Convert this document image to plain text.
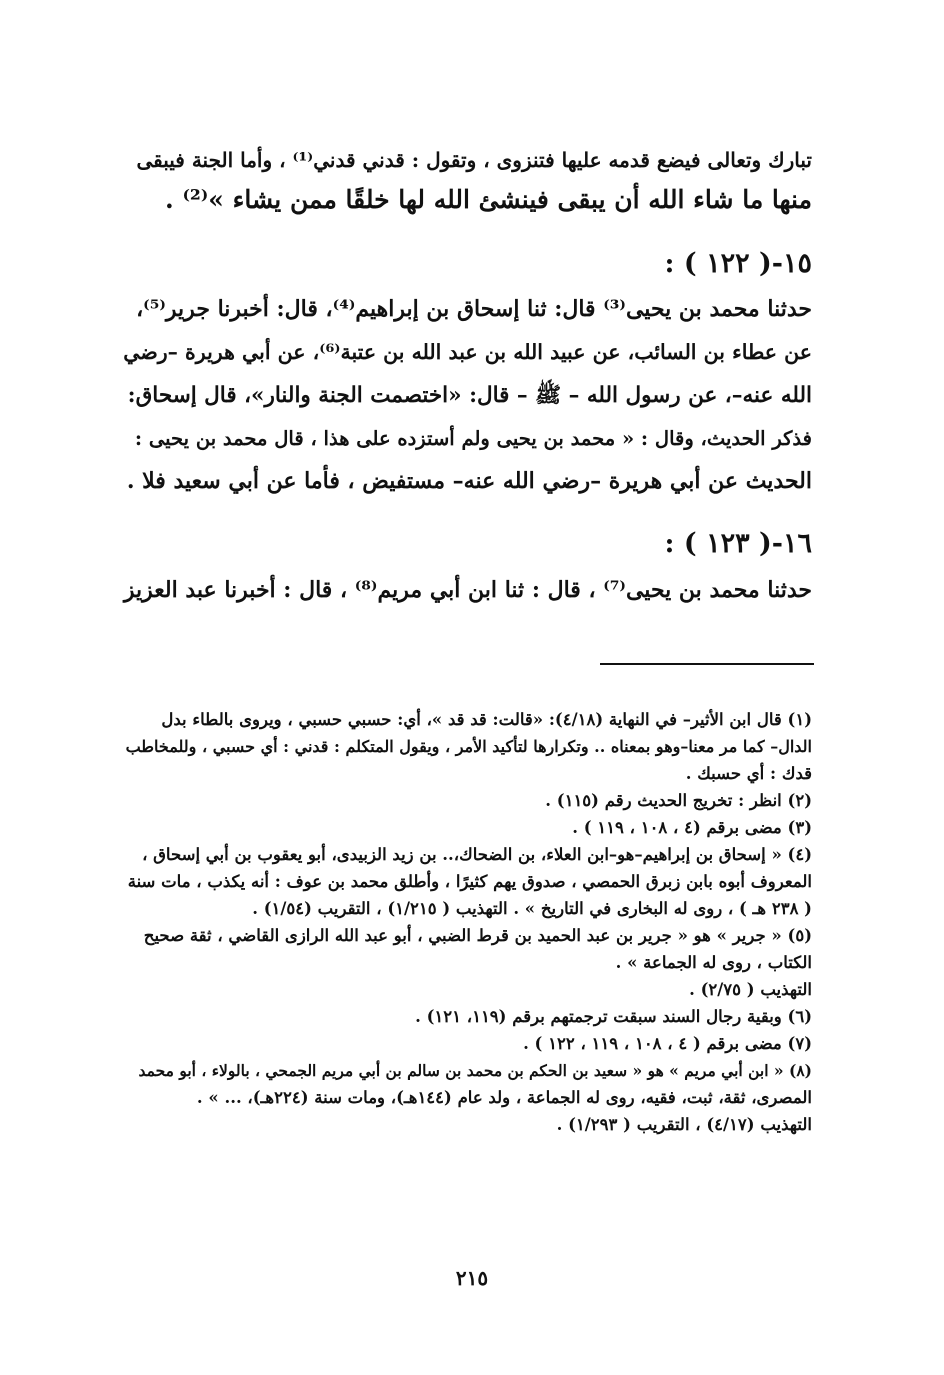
تبارك وتعالى فيضع قدمه عليها فتنزوى ، وتقول : قدني قدني⁽¹⁾ ، وأما الجنة فيبقى
منها ما شاء الله أن يبقى فينشئ الله لها خلقًا ممن يشاء »⁽²⁾ .
١٥-( ١٢٢ ) :
حدثنا محمد بن يحيى⁽³⁾ قال: ثنا إسحاق بن إبراهيم⁽⁴⁾، قال: أخبرنا جرير⁽⁵⁾،
عن عطاء بن السائب، عن عبيد الله بن عبد الله بن عتبة⁽⁶⁾، عن أبي هريرة –رضي
الله عنه–، عن رسول الله – ﷺ – قال: «اختصمت الجنة والنار»، قال إسحاق:
فذكر الحديث، وقال : « محمد بن يحيى ولم أستزده على هذا ، قال محمد بن يحيى :
الحديث عن أبي هريرة –رضي الله عنه– مستفيض ، فأما عن أبي سعيد فلا .
١٦-( ١٢٣ ) :
حدثنا محمد بن يحيى⁽⁷⁾ ، قال : ثنا ابن أبي مريم⁽⁸⁾ ، قال : أخبرنا عبد العزيز
(١) قال ابن الأثير– في النهاية (٤/١٨): «قالت: قد قد »، أي: حسبي حسبي ، ويروى بالطاء بدل
الدال– كما مر معنا–وهو بمعناه .. وتكرارها لتأكيد الأمر ، ويقول المتكلم : قدني : أي حسبي ، وللمخاطب
قدك : أي حسبك .
(٢) انظر : تخريج الحديث رقم (١١٥) .
(٣) مضى برقم (٤ ، ١٠٨ ، ١١٩ ) .
(٤) « إسحاق بن إبراهيم–هو–ابن العلاء، بن الضحاك،.. بن زيد الزبيدى، أبو يعقوب بن أبي إسحاق ،
المعروف أبوه بابن زبرق الحمصي ، صدوق يهم كثيرًا ، وأطلق محمد بن عوف : أنه يكذب ، مات سنة
( ٢٣٨ هـ ) ، روى له البخارى في التاريخ » . التهذيب ( ١/٢١٥) ، التقريب (١/٥٤) .
(٥) « جرير » هو « جرير بن عبد الحميد بن قرط الضبي ، أبو عبد الله الرازى القاضي ، ثقة صحيح
الكتاب ، روى له الجماعة » .
التهذيب ( ٢/٧٥) .
(٦) وبقية رجال السند سبقت ترجمتهم برقم (١١٩، ١٢١) .
(٧) مضى برقم ( ٤ ، ١٠٨ ، ١١٩ ، ١٢٢ ) .
(٨) « ابن أبي مريم » هو « سعيد بن الحكم بن محمد بن سالم بن أبي مريم الجمحي ، بالولاء ، أبو محمد
المصرى، ثقة، ثبت، فقيه، روى له الجماعة ، ولد عام (١٤٤هـ)، ومات سنة (٢٢٤هـ)، ... » .
التهذيب (٤/١٧) ، التقريب ( ١/٢٩٣) .
٢١٥
